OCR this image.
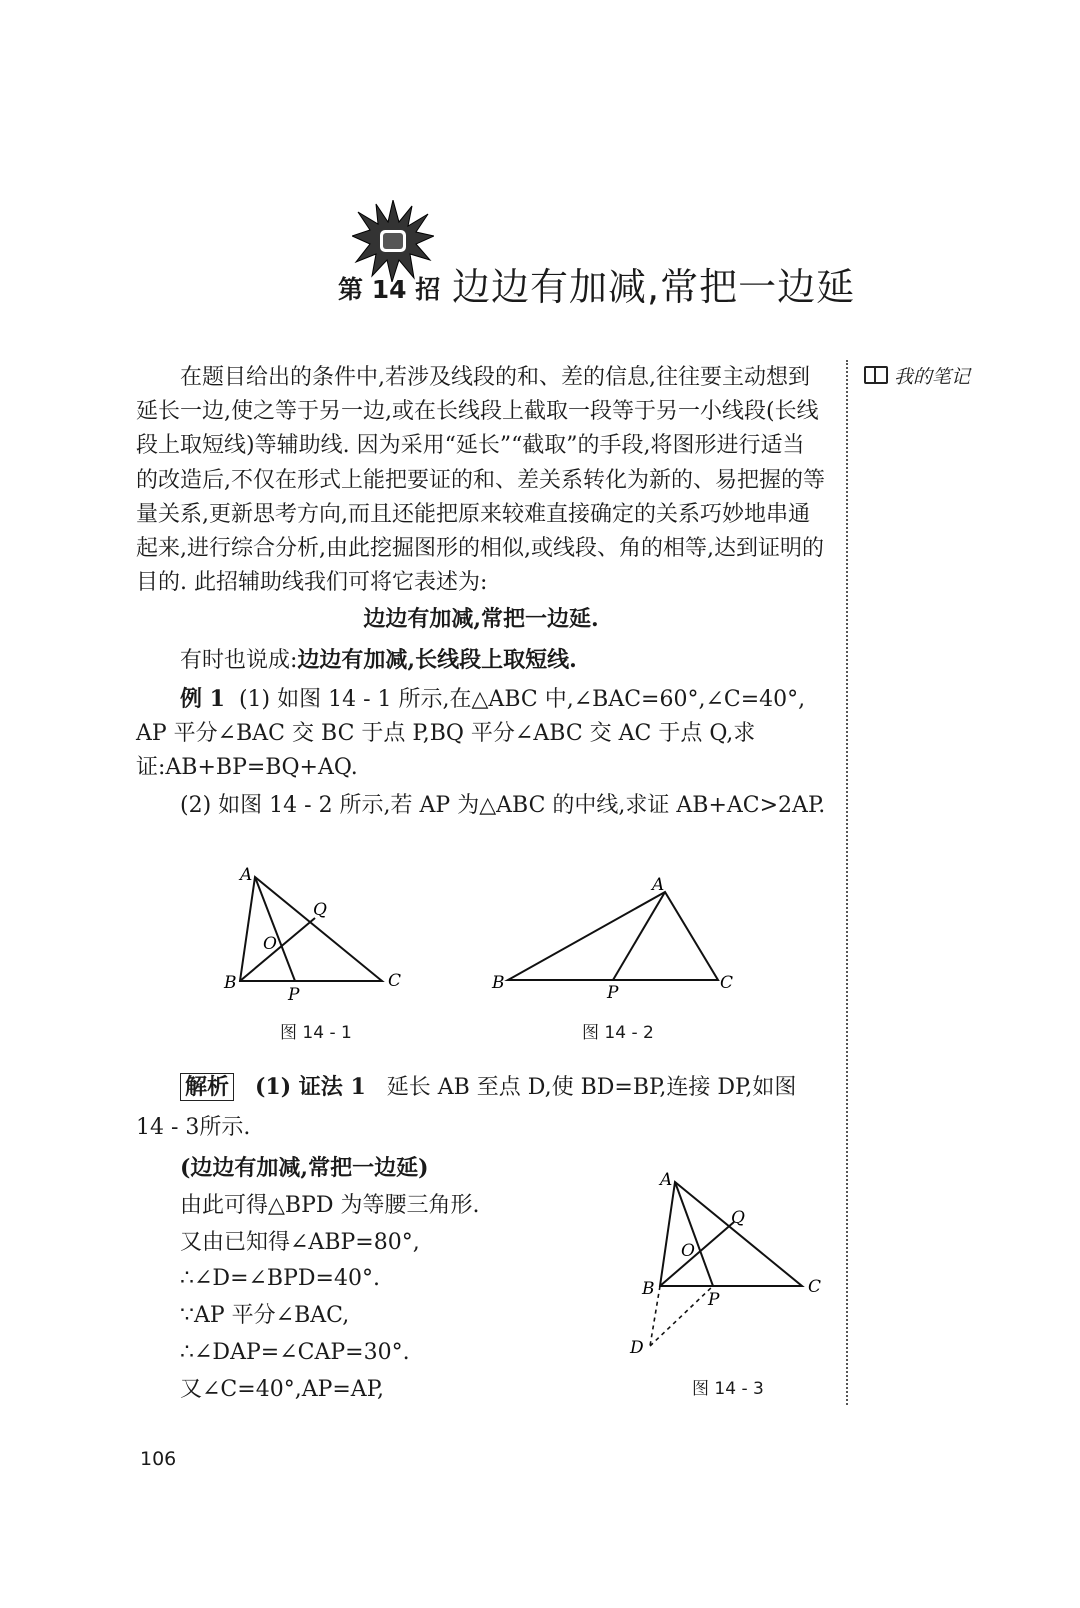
第 14 招 边边有加减,常把一边延
我的笔记

在题目给出的条件中,若涉及线段的和、差的信息,往往要主动想到延长一边,使之等于另一边,或在长线段上截取一段等于另一小线段(长线段上取短线)等辅助线. 因为采用“延长”“截取”的手段,将图形进行适当的改造后,不仅在形式上能把要证的和、差关系转化为新的、易把握的等量关系,更新思考方向,而且还能把原来较难直接确定的关系巧妙地串通起来,进行综合分析,由此挖掘图形的相似,或线段、角的相等,达到证明的目的. 此招辅助线我们可将它表述为:

边边有加减,常把一边延.

有时也说成:边边有加减,长线段上取短线.

例 1 (1) 如图 14 - 1 所示,在△ABC 中,∠BAC=60°,∠C=40°, AP 平分∠BAC 交 BC 于点 P,BQ 平分∠ABC 交 AC 于点 Q,求证:AB+BP=BQ+AQ.

(2) 如图 14 - 2 所示,若 AP 为△ABC 的中线,求证 AB+AC>2AP.

A
B	C
P
Q
O
图 14 - 1
A
B	C
P
图 14 - 2

解析 (1) 证法 1 延长 AB 至点 D,使 BD=BP,连接 DP,如图

14 - 3所示.

(边边有加减,常把一边延)

由此可得△BPD 为等腰三角形.

又由已知得∠ABP=80°,

∴∠D=∠BPD=40°.

∵AP 平分∠BAC,

∴∠DAP=∠CAP=30°.

又∠C=40°,AP=AP,

A
B	C
P
Q
O
D
图 14 - 3
106
